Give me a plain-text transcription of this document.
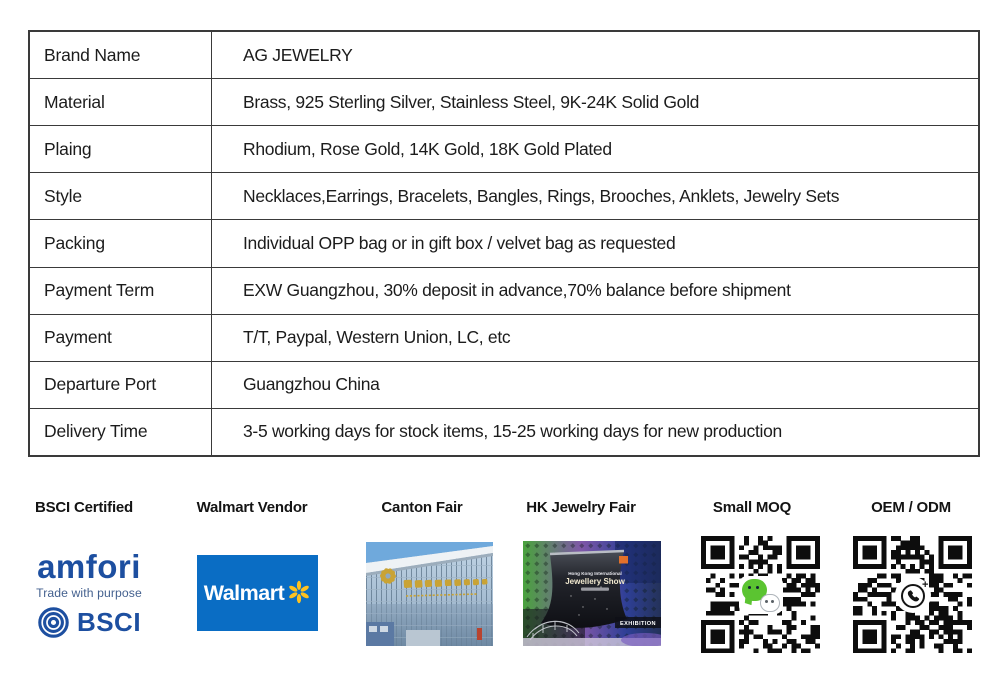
Brand Name	AG JEWELRY
Material	Brass, 925 Sterling Silver, Stainless Steel, 9K-24K Solid Gold
Plaing	Rhodium, Rose Gold, 14K Gold, 18K Gold Plated
Style	Necklaces,Earrings, Bracelets, Bangles, Rings, Brooches, Anklets, Jewelry Sets
Packing	Individual OPP bag or in gift box / velvet bag as requested
Payment Term	EXW Guangzhou, 30% deposit in advance,70% balance before shipment
Payment	T/T, Paypal, Western Union, LC, etc
Departure Port	Guangzhou China
Delivery Time	3-5 working days for stock items, 15-25 working days for new production
BSCI Certified	Walmart Vendor	Canton Fair	HK Jewelry Fair	Small MOQ	OEM / ODM
amfori
Trade with purpose
BSCI
Walmart
Hong Kong International
Jewellery Show
EXHIBITION
+
